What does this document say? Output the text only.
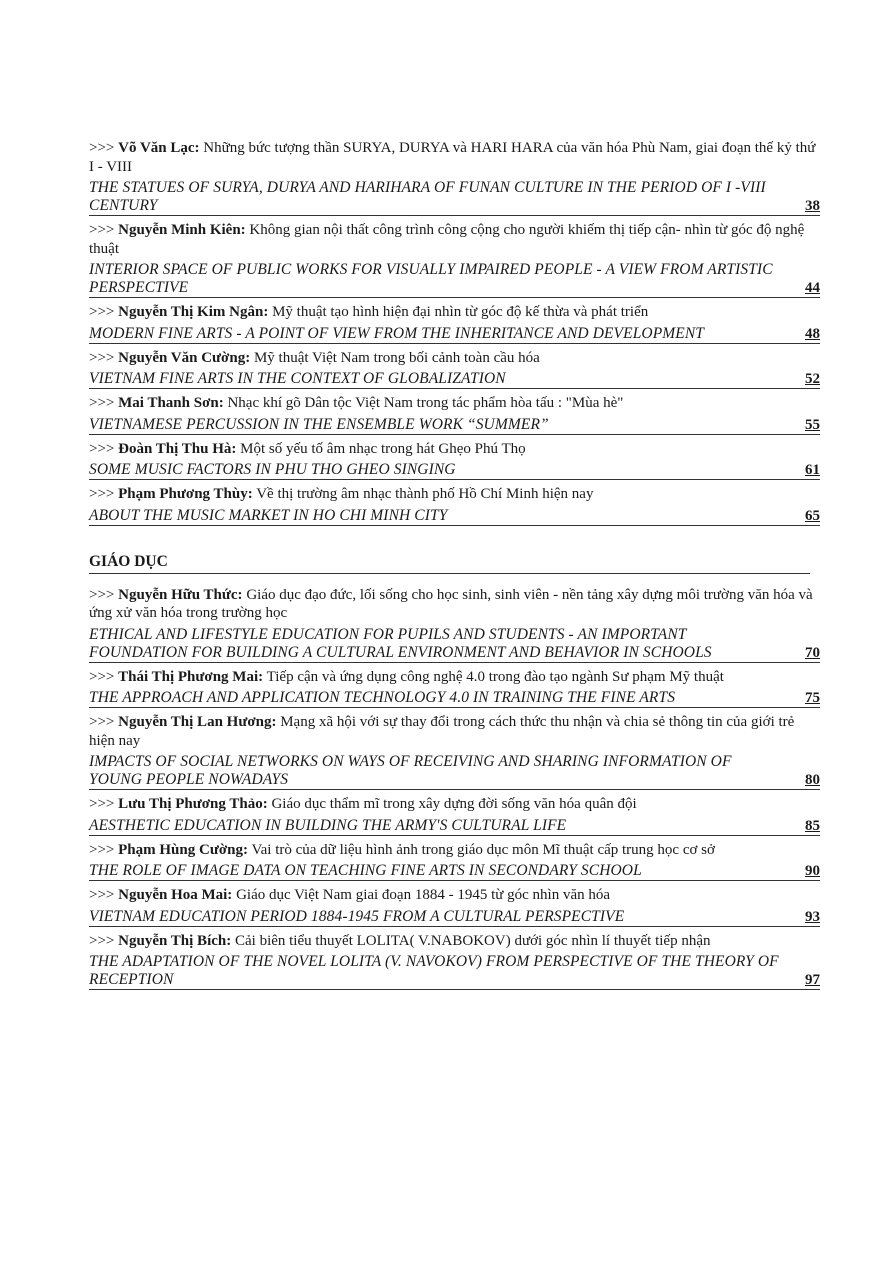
>>> Võ Văn Lạc: Những bức tượng thần SURYA, DURYA và HARI HARA của văn hóa Phù Nam, giai đoạn thế kỷ thứ I - VIII
THE STATUES OF SURYA, DURYA AND HARIHARA OF FUNAN CULTURE IN THE PERIOD OF I -VIII CENTURY	38
>>> Nguyễn Minh Kiên: Không gian nội thất công trình công cộng cho người khiếm thị tiếp cận- nhìn từ góc độ nghệ thuật
INTERIOR SPACE OF PUBLIC WORKS FOR VISUALLY IMPAIRED PEOPLE - A VIEW FROM ARTISTIC PERSPECTIVE	44
>>> Nguyễn Thị Kim Ngân: Mỹ thuật tạo hình hiện đại nhìn từ góc độ kế thừa và phát triển
MODERN FINE ARTS - A POINT OF VIEW FROM THE INHERITANCE AND DEVELOPMENT	48
>>> Nguyễn Văn Cường: Mỹ thuật Việt Nam trong bối cảnh toàn cầu hóa
VIETNAM FINE ARTS IN THE CONTEXT OF GLOBALIZATION	52
>>> Mai Thanh Sơn: Nhạc khí gõ Dân tộc Việt Nam trong tác phẩm hòa tấu : "Mùa hè"
VIETNAMESE PERCUSSION IN THE ENSEMBLE WORK “SUMMER”	55
>>> Đoàn Thị Thu Hà: Một số yếu tố âm nhạc trong hát Ghẹo Phú Thọ
SOME MUSIC FACTORS IN PHU THO GHEO SINGING	61
>>> Phạm Phương Thùy: Về thị trường âm nhạc thành phố Hồ Chí Minh hiện nay
ABOUT THE MUSIC MARKET IN HO CHI MINH CITY	65
GIÁO DỤC
>>> Nguyễn Hữu Thức: Giáo dục đạo đức, lối sống cho học sinh, sinh viên - nền tảng xây dựng môi trường văn hóa và ứng xử văn hóa trong trường học
ETHICAL AND LIFESTYLE EDUCATION FOR PUPILS AND STUDENTS - AN IMPORTANT FOUNDATION FOR BUILDING A CULTURAL ENVIRONMENT AND BEHAVIOR IN SCHOOLS	70
>>> Thái Thị Phương Mai: Tiếp cận và ứng dụng công nghệ 4.0 trong đào tạo ngành Sư phạm Mỹ thuật
THE APPROACH AND APPLICATION TECHNOLOGY 4.0 IN TRAINING THE FINE ARTS	75
>>> Nguyễn Thị Lan Hương: Mạng xã hội với sự thay đổi trong cách thức thu nhận và chia sẻ thông tin của giới trẻ hiện nay
IMPACTS OF SOCIAL NETWORKS ON WAYS OF RECEIVING AND SHARING INFORMATION OF YOUNG PEOPLE NOWADAYS	80
>>> Lưu Thị Phương Thảo: Giáo dục thẩm mĩ trong xây dựng đời sống văn hóa quân đội
AESTHETIC EDUCATION IN BUILDING THE ARMY'S CULTURAL LIFE	85
>>> Phạm Hùng Cường: Vai trò của dữ liệu hình ảnh trong giáo dục môn Mĩ thuật cấp trung học cơ sở
THE ROLE OF IMAGE DATA ON TEACHING FINE ARTS IN SECONDARY SCHOOL	90
>>> Nguyễn Hoa Mai: Giáo dục Việt Nam giai đoạn 1884 - 1945 từ góc nhìn văn hóa
VIETNAM EDUCATION PERIOD 1884-1945 FROM A CULTURAL PERSPECTIVE	93
>>> Nguyễn Thị Bích: Cải biên tiểu thuyết LOLITA( V.NABOKOV) dưới góc nhìn lí thuyết tiếp nhận
THE ADAPTATION OF THE NOVEL LOLITA (V. NAVOKOV) FROM PERSPECTIVE OF THE THEORY OF RECEPTION	97
